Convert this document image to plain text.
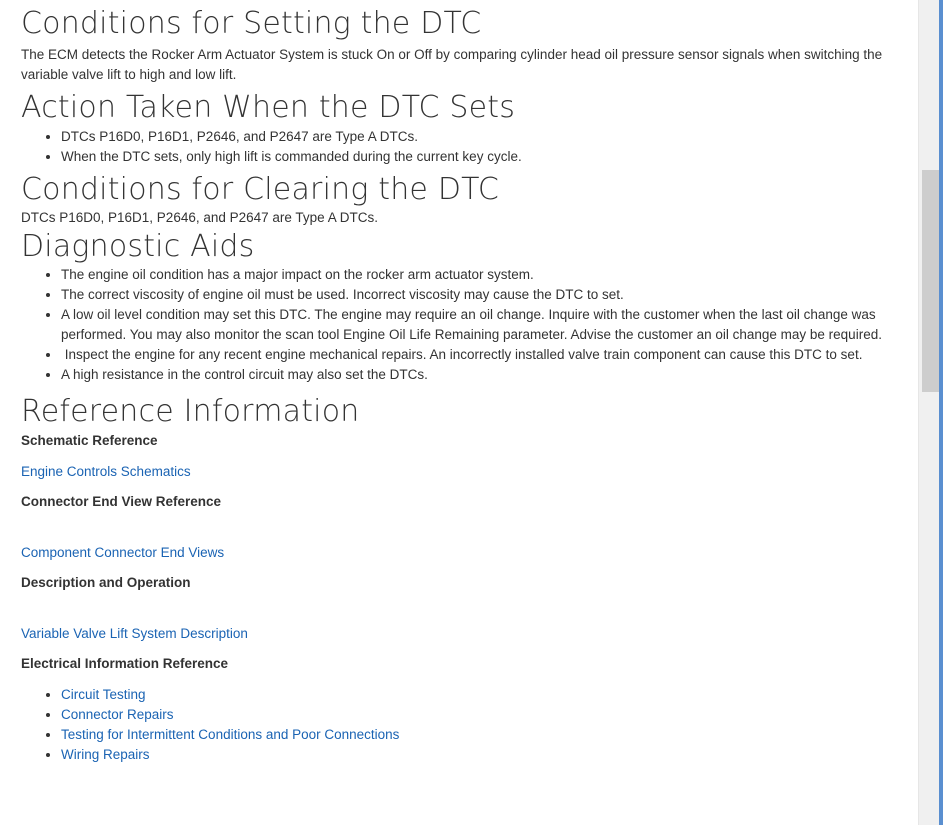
Conditions for Setting the DTC

The ECM detects the Rocker Arm Actuator System is stuck On or Off by comparing cylinder head oil pressure sensor signals when switching the variable valve lift to high and low lift.

Action Taken When the DTC Sets
• DTCs P16D0, P16D1, P2646, and P2647 are Type A DTCs.
• When the DTC sets, only high lift is commanded during the current key cycle.
Conditions for Clearing the DTC

DTCs P16D0, P16D1, P2646, and P2647 are Type A DTCs.

Diagnostic Aids
• The engine oil condition has a major impact on the rocker arm actuator system.
• The correct viscosity of engine oil must be used. Incorrect viscosity may cause the DTC to set.
• A low oil level condition may set this DTC. The engine may require an oil change. Inquire with the customer when the last oil change was performed. You may also monitor the scan tool Engine Oil Life Remaining parameter. Advise the customer an oil change may be required.
•  Inspect the engine for any recent engine mechanical repairs. An incorrectly installed valve train component can cause this DTC to set.
• A high resistance in the control circuit may also set the DTCs.
Reference Information

Schematic Reference

Engine Controls Schematics

Connector End View Reference

Component Connector End Views

Description and Operation

Variable Valve Lift System Description

Electrical Information Reference

• Circuit Testing
• Connector Repairs
• Testing for Intermittent Conditions and Poor Connections
• Wiring Repairs
